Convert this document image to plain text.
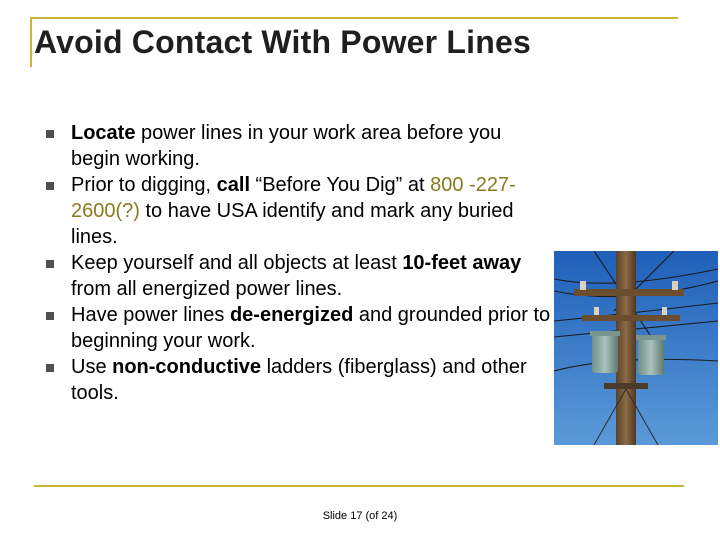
Avoid Contact With Power Lines
Locate power lines in your work area before you begin working.
Prior to digging, call “Before You Dig” at 800 -227-2600(?) to have USA identify and mark any buried lines.
Keep yourself and all objects at least 10-feet away from all energized power lines.
Have power lines de-energized and grounded prior to beginning your work.
Use non-conductive ladders (fiberglass) and other tools.
Slide 17 (of 24)
